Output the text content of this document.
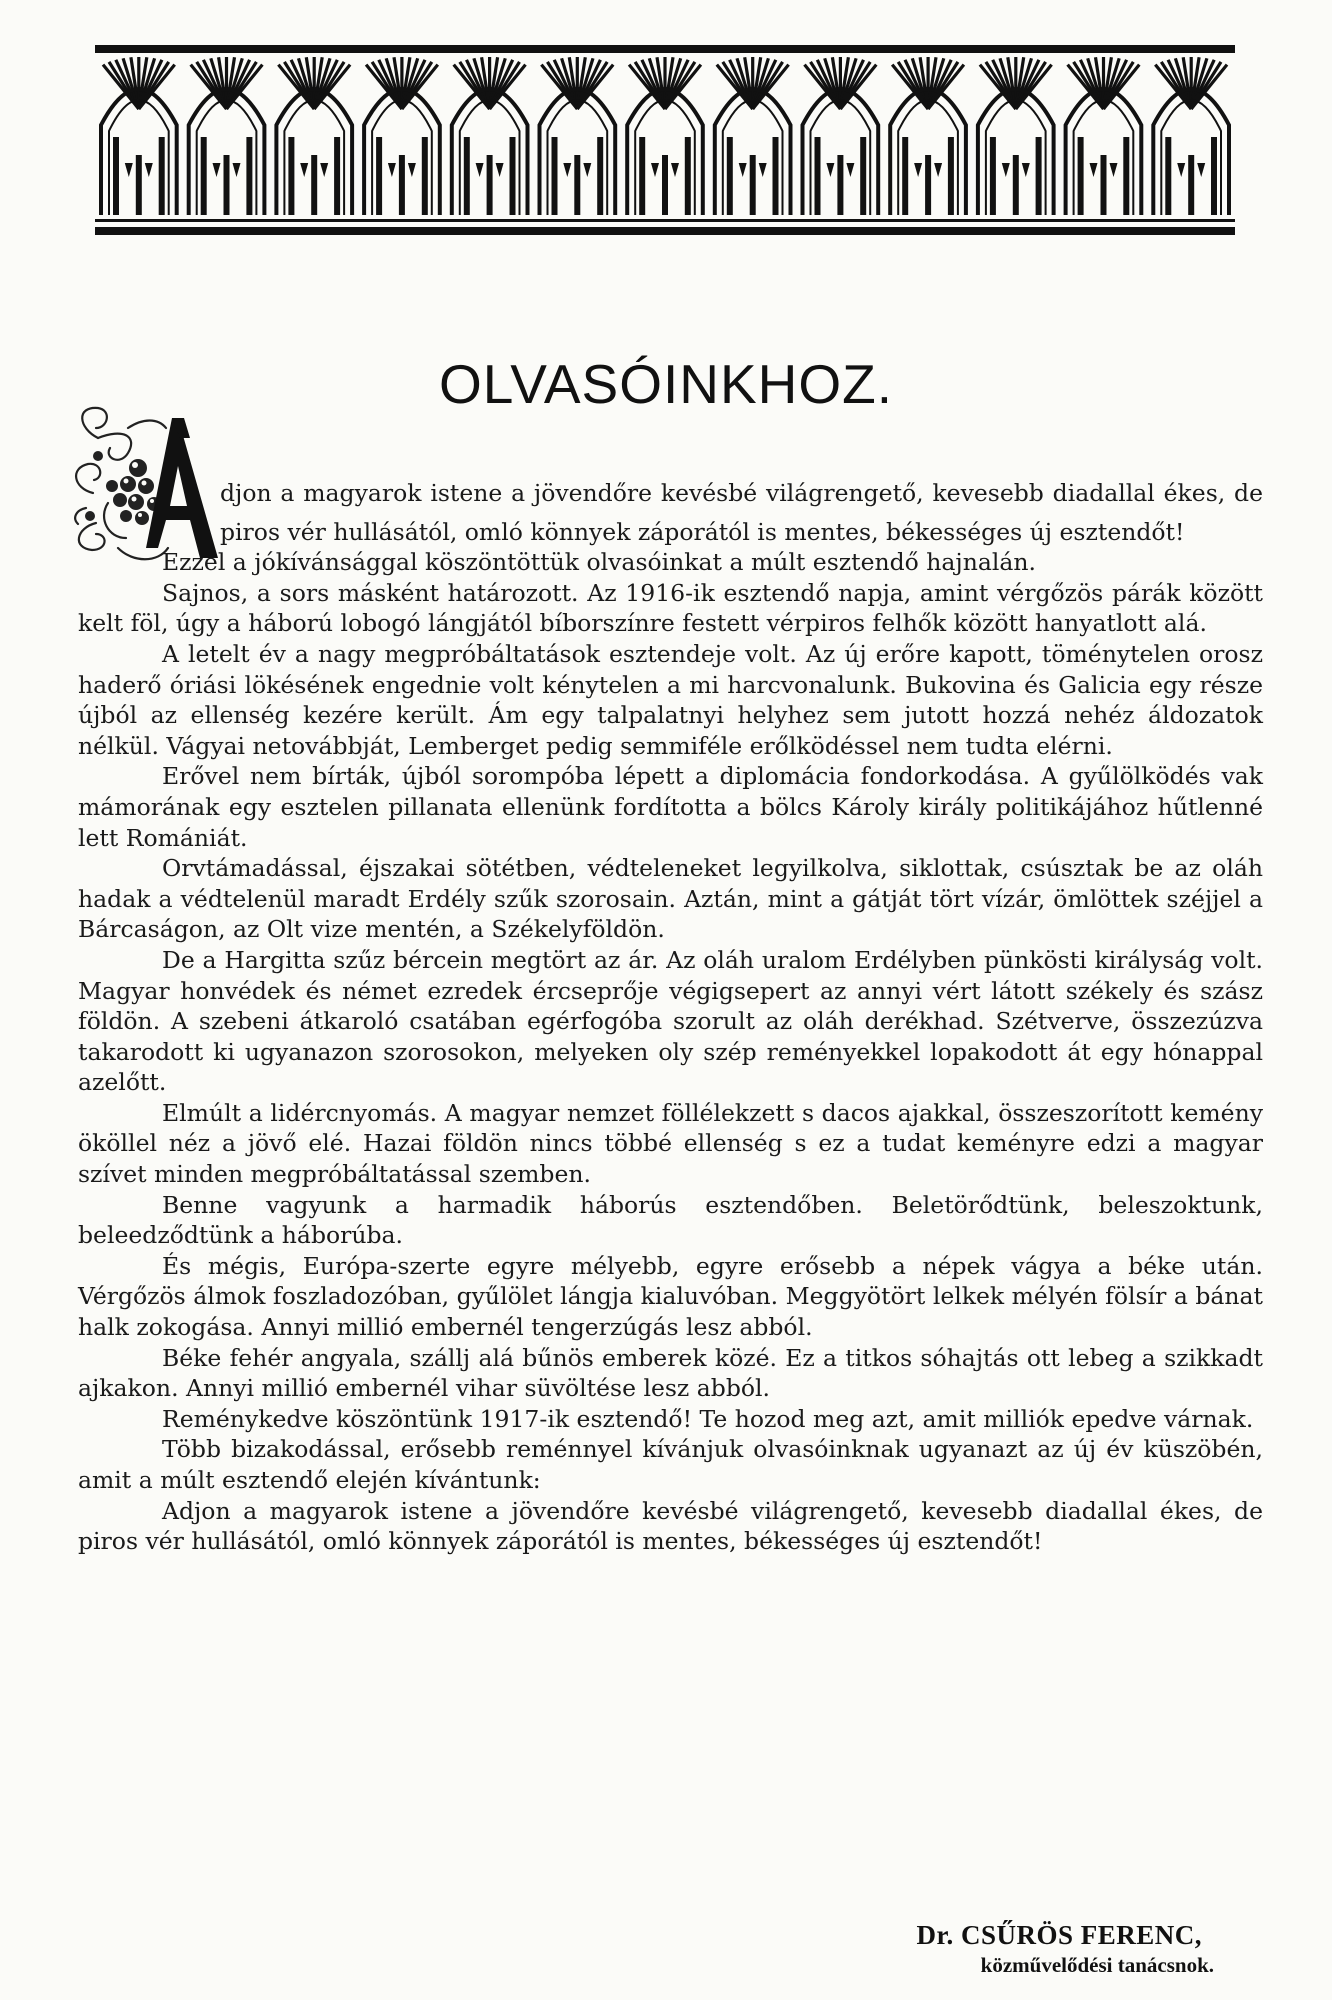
OLVASÓINKHOZ.

djon a magyarok istene a jövendőre kevésbé világrengető, kevesebb diadallal ékes, de piros vér hullásától, omló könnyek záporától is mentes, békességes új esztendőt!

Ezzel a jókívánsággal köszöntöttük olvasóinkat a múlt esztendő hajnalán.

Sajnos, a sors másként határozott. Az 1916-ik esztendő napja, amint vérgőzös párák között kelt föl, úgy a háború lobogó lángjától bíborszínre festett vérpiros felhők között hanyatlott alá.

A letelt év a nagy megpróbáltatások esztendeje volt. Az új erőre kapott, töménytelen orosz haderő óriási lökésének engednie volt kénytelen a mi harcvonalunk. Bukovina és Galicia egy része újból az ellenség kezére került. Ám egy talpalatnyi helyhez sem jutott hozzá nehéz áldozatok nélkül. Vágyai netovábbját, Lemberget pedig semmiféle erőlködéssel nem tudta elérni.

Erővel nem bírták, újból sorompóba lépett a diplomácia fondorkodása. A gyűlölködés vak mámorának egy esztelen pillanata ellenünk fordította a bölcs Károly király politikájához hűtlenné lett Romániát.

Orvtámadással, éjszakai sötétben, védteleneket legyilkolva, siklottak, csúsztak be az oláh hadak a védtelenül maradt Erdély szűk szorosain. Aztán, mint a gátját tört vízár, ömlöttek széjjel a Bárcaságon, az Olt vize mentén, a Székelyföldön.

De a Hargitta szűz bércein megtört az ár. Az oláh uralom Erdélyben pünkösti királyság volt. Magyar honvédek és német ezredek ércseprője végigsepert az annyi vért látott székely és szász földön. A szebeni átkaroló csatában egérfogóba szorult az oláh derékhad. Szétverve, összezúzva takarodott ki ugyanazon szorosokon, melyeken oly szép reményekkel lopakodott át egy hónappal azelőtt.

Elmúlt a lidércnyomás. A magyar nemzet föllélekzett s dacos ajakkal, összeszorított kemény ököllel néz a jövő elé. Hazai földön nincs többé ellenség s ez a tudat keményre edzi a magyar szívet minden megpróbáltatással szemben.

Benne vagyunk a harmadik háborús esztendőben. Beletörődtünk, beleszoktunk, beleedződtünk a háborúba.

És mégis, Európa-szerte egyre mélyebb, egyre erősebb a népek vágya a béke után. Vérgőzös álmok foszladozóban, gyűlölet lángja kialuvóban. Meggyötört lelkek mélyén fölsír a bánat halk zokogása. Annyi millió embernél tengerzúgás lesz abból.

Béke fehér angyala, szállj alá bűnös emberek közé. Ez a titkos sóhajtás ott lebeg a szikkadt ajkakon. Annyi millió embernél vihar süvöltése lesz abból.

Reménykedve köszöntünk 1917-ik esztendő! Te hozod meg azt, amit milliók epedve várnak.

Több bizakodással, erősebb reménnyel kívánjuk olvasóinknak ugyanazt az új év küszöbén, amit a múlt esztendő elején kívántunk:

Adjon a magyarok istene a jövendőre kevésbé világrengető, kevesebb diadallal ékes, de piros vér hullásától, omló könnyek záporától is mentes, békességes új esztendőt!

Dr. CSŰRÖS FERENC,
közművelődési tanácsnok.
